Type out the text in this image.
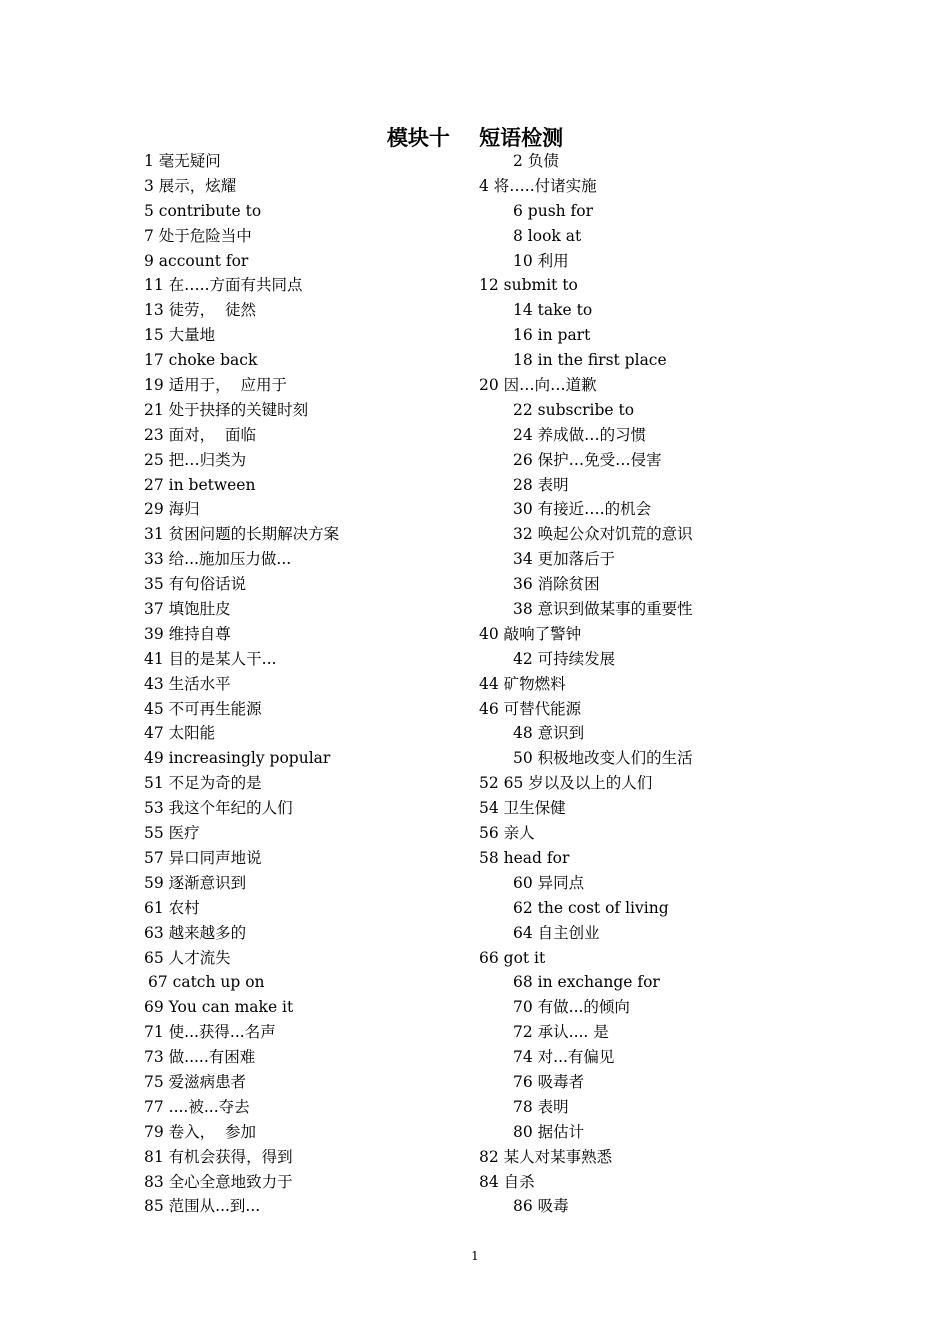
模块十    短语检测
1 毫无疑问	2 负债
3 展示，炫耀	4 将…..付诸实施
5 contribute to	6 push for
7 处于危险当中	8 look at
9 account for	10 利用
11 在…..方面有共同点	12 submit to
13 徒劳，  徒然	14 take to
15 大量地	16 in part
17 choke back	18 in the first place
19 适用于，  应用于	20 因…向…道歉
21 处于抉择的关键时刻	22 subscribe to
23 面对，  面临	24 养成做…的习惯
25 把…归类为	26 保护…免受…侵害
27 in between	28 表明
29 海归	30 有接近….的机会
31 贫困问题的长期解决方案	32 唤起公众对饥荒的意识
33 给...施加压力做...	34 更加落后于
35 有句俗话说	36 消除贫困
37 填饱肚皮	38 意识到做某事的重要性
39 维持自尊	40 敲响了警钟
41 目的是某人干...	42 可持续发展
43 生活水平	44 矿物燃料
45 不可再生能源	46 可替代能源
47 太阳能	48 意识到
49 increasingly popular	50 积极地改变人们的生活
51 不足为奇的是	52 65 岁以及以上的人们
53 我这个年纪的人们	54 卫生保健
55 医疗	56 亲人
57 异口同声地说	58 head for
59 逐渐意识到	60 异同点
61 农村	62 the cost of living
63 越来越多的	64 自主创业
65 人才流失	66 got it
67 catch up on	68 in exchange for
69 You can make it	70 有做...的倾向
71 使...获得...名声	72 承认.... 是
73 做.....有困难	74 对...有偏见
75 爱滋病患者	76 吸毒者
77 ....被...夺去	78 表明
79 卷入，  参加	80 据估计
81 有机会获得，得到	82 某人对某事熟悉
83 全心全意地致力于	84 自杀
85 范围从...到...	86 吸毒
1
